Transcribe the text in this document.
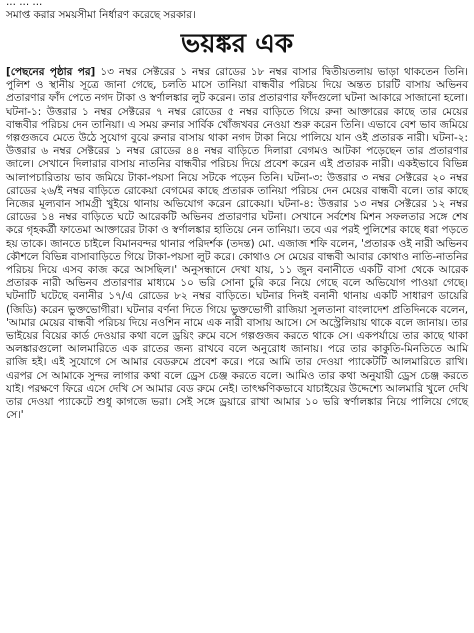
... ... ...

সমাপ্ত করার সময়সীমা নির্ধারণ করেছে সরকার।

ভয়ঙ্কর এক

[পেছনের পৃষ্ঠার পর] ১৩ নম্বর সেক্টরের ১ নম্বর রোডের ১৮ নম্বর বাসার দ্বিতীয়তলায় ভাড়া থাকতেন তিনি। পুলিশ ও স্থানীয় সূত্রে জানা গেছে, চলতি মাসে তানিয়া বান্ধবীর পরিচয় দিয়ে অন্তত চারটি বাসায় অভিনব প্রতারণার ফাঁদ পেতে নগদ টাকা ও স্বর্ণালঙ্কার লুট করেন। তার প্রতারণার ফাঁদগুলো ঘটনা আকারে সাজানো হলো। ঘটনা-১: উত্তরার ১ নম্বর সেক্টরের ৭ নম্বর রোডের ৫ নম্বর বাড়িতে গিয়ে রুনা আক্তারের কাছে তার মেয়ের বান্ধবীর পরিচয় দেন তানিয়া। এ সময় রুনার সার্বিক খোঁজখবর নেওয়া শুরু করেন তিনি। এভাবে বেশ ভাব জমিয়ে গল্পগুজবে মেতে উঠে সুযোগ বুঝে রুনার বাসায় থাকা নগদ টাকা নিয়ে পালিয়ে যান ওই প্রতারক নারী। ঘটনা-২: উত্তরার ৬ নম্বর সেক্টরের ১ নম্বর রোডের ৪৪ নম্বর বাড়িতে দিলারা বেগমও আটকা পড়েছেন তার প্রতারণার জালে। সেখানে দিলারার বাসায় নাতনির বান্ধবীর পরিচয় দিয়ে প্রবেশ করেন এই প্রতারক নারী। একইভাবে বিভিন্ন আলাপচারিতায় ভাব জমিয়ে টাকা-পয়সা নিয়ে সটকে পড়েন তিনি। ঘটনা-৩: উত্তরার ৩ নম্বর সেক্টরের ২০ নম্বর রোডের ২৬/ই নম্বর বাড়িতে রোকেয়া বেগমের কাছে প্রতারক তানিয়া পরিচয় দেন মেয়ের বান্ধবী বলে। তার কাছে নিজের মূল্যবান সামগ্রী খুইয়ে থানায় অভিযোগ করেন রোকেয়া। ঘটনা-৪: উত্তরার ১৩ নম্বর সেক্টরের ১২ নম্বর রোডের ১৪ নম্বর বাড়িতে ঘটে আরেকটি অভিনব প্রতারণার ঘটনা। সেখানে সর্বশেষ মিশন সফলতার সঙ্গে শেষ করে গৃহকর্ত্রী ফাতেমা আক্তারের টাকা ও স্বর্ণালঙ্কার হাতিয়ে নেন তানিয়া। তবে এর পরই পুলিশের কাছে ধরা পড়তে হয় তাকে। জানতে চাইলে বিমানবন্দর থানার পরিদর্শক (তদন্ত) মো. এজাজ শফি বলেন, 'প্রতারক ওই নারী অভিনব কৌশলে বিভিন্ন বাসাবাড়িতে গিয়ে টাকা-পয়সা লুট করে। কোথাও সে মেয়ের বান্ধবী আবার কোথাও নাতি-নাতনির পরিচয় দিয়ে এসব কাজ করে আসছিল।' অনুসন্ধানে দেখা যায়, ১১ জুন বনানীতে একটি বাসা থেকে আরেক প্রতারক নারী অভিনব প্রতারণার মাধ্যমে ১০ ভরি সোনা চুরি করে নিয়ে গেছে বলে অভিযোগ পাওয়া গেছে। ঘটনাটি ঘটেছে বনানীর ১৭/এ রোডের ৮২ নম্বর বাড়িতে। ঘটনার দিনই বনানী থানায় একটি সাধারণ ডায়েরি (জিডি) করেন ভুক্তভোগীরা। ঘটনার বর্ণনা দিতে গিয়ে ভুক্তভোগী রাজিয়া সুলতানা বাংলাদেশ প্রতিদিনকে বলেন, 'আমার মেয়ের বান্ধবী পরিচয় দিয়ে নওশিন নামে এক নারী বাসায় আসে। সে অস্ট্রেলিয়ায় থাকে বলে জানায়। তার ভাইয়ের বিয়ের কার্ড দেওয়ার কথা বলে ড্রয়িং রুমে বসে গল্পগুজব করতে থাকে সে। একপর্যায়ে তার কাছে থাকা অলঙ্কারগুলো আলমারিতে এক রাতের জন্য রাখবে বলে অনুরোধ জানায়। পরে তার কাকুতি-মিনতিতে আমি রাজি হই। এই সুযোগে সে আমার বেডরুমে প্রবেশ করে। পরে আমি তার দেওয়া প্যাকেটটি আলমারিতে রাখি। এরপর সে আমাকে সুন্দর লাগার কথা বলে ড্রেস চেঞ্জ করতে বলে। আমিও তার কথা অনুযায়ী ড্রেস চেঞ্জ করতে যাই। পরক্ষণে ফিরে এসে দেখি সে আমার বেড রুমে নেই। তাৎক্ষণিকভাবে যাচাইয়ের উদ্দেশ্যে আলমারি খুলে দেখি তার দেওয়া প্যাকেটে শুধু কাগজে ভরা। সেই সঙ্গে ড্রয়ারে রাখা আমার ১০ ভরি স্বর্ণালঙ্কার নিয়ে পালিয়ে গেছে সে।'
